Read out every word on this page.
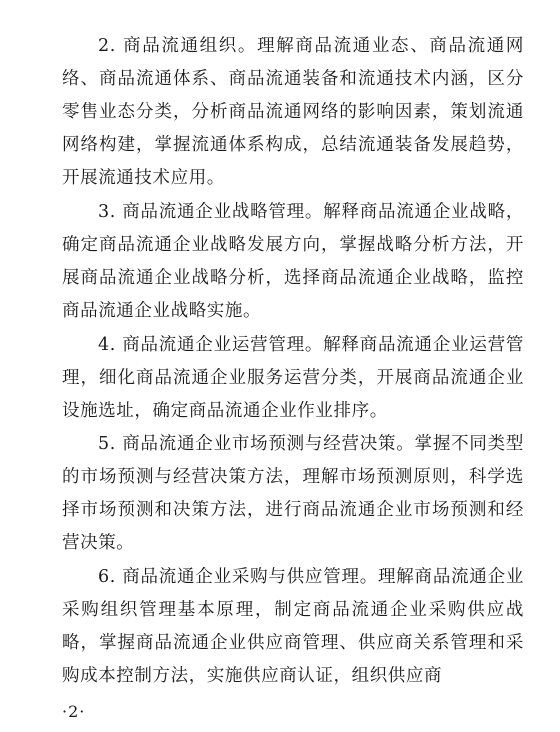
2. 商品流通组织。理解商品流通业态、商品流通网络、商品流通体系、商品流通装备和流通技术内涵，区分零售业态分类，分析商品流通网络的影响因素，策划流通网络构建，掌握流通体系构成，总结流通装备发展趋势，开展流通技术应用。

3. 商品流通企业战略管理。解释商品流通企业战略，确定商品流通企业战略发展方向，掌握战略分析方法，开展商品流通企业战略分析，选择商品流通企业战略，监控商品流通企业战略实施。

4. 商品流通企业运营管理。解释商品流通企业运营管理，细化商品流通企业服务运营分类，开展商品流通企业设施选址，确定商品流通企业作业排序。

5. 商品流通企业市场预测与经营决策。掌握不同类型的市场预测与经营决策方法，理解市场预测原则，科学选择市场预测和决策方法，进行商品流通企业市场预测和经营决策。

6. 商品流通企业采购与供应管理。理解商品流通企业采购组织管理基本原理，制定商品流通企业采购供应战略，掌握商品流通企业供应商管理、供应商关系管理和采购成本控制方法，实施供应商认证，组织供应商

·2·
